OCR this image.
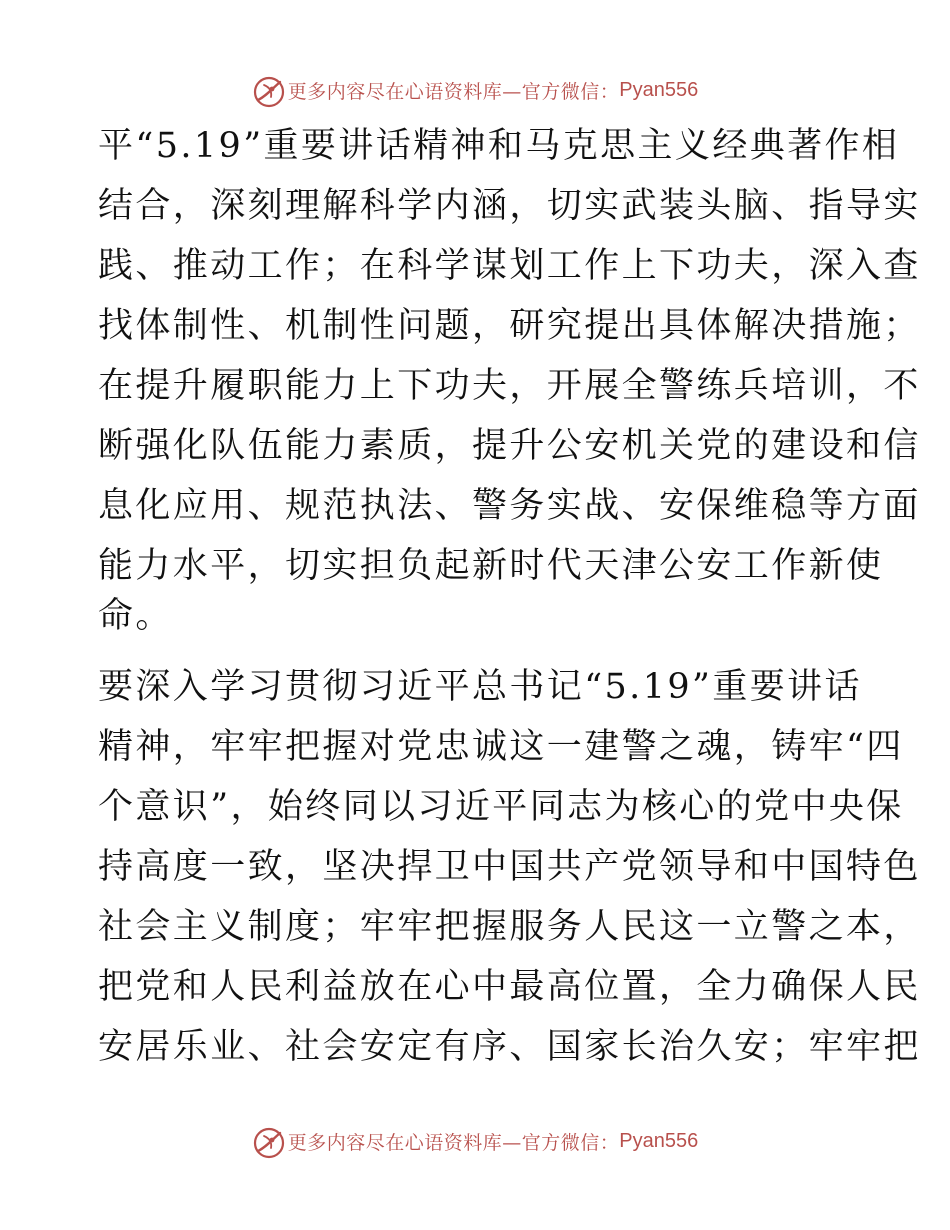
更多内容尽在心语资料库—官方微信： Pyan556
平“5.19”重要讲话精神和马克思主义经典著作相
结合，深刻理解科学内涵，切实武装头脑、指导实
践、推动工作；在科学谋划工作上下功夫，深入查
找体制性、机制性问题，研究提出具体解决措施；
在提升履职能力上下功夫，开展全警练兵培训，不
断强化队伍能力素质，提升公安机关党的建设和信
息化应用、规范执法、警务实战、安保维稳等方面
能力水平，切实担负起新时代天津公安工作新使
命。
要深入学习贯彻习近平总书记“5.19”重要讲话
精神，牢牢把握对党忠诚这一建警之魂，铸牢“四
个意识”，始终同以习近平同志为核心的党中央保
持高度一致，坚决捍卫中国共产党领导和中国特色
社会主义制度；牢牢把握服务人民这一立警之本，
把党和人民利益放在心中最高位置，全力确保人民
安居乐业、社会安定有序、国家长治久安；牢牢把
更多内容尽在心语资料库—官方微信： Pyan556
